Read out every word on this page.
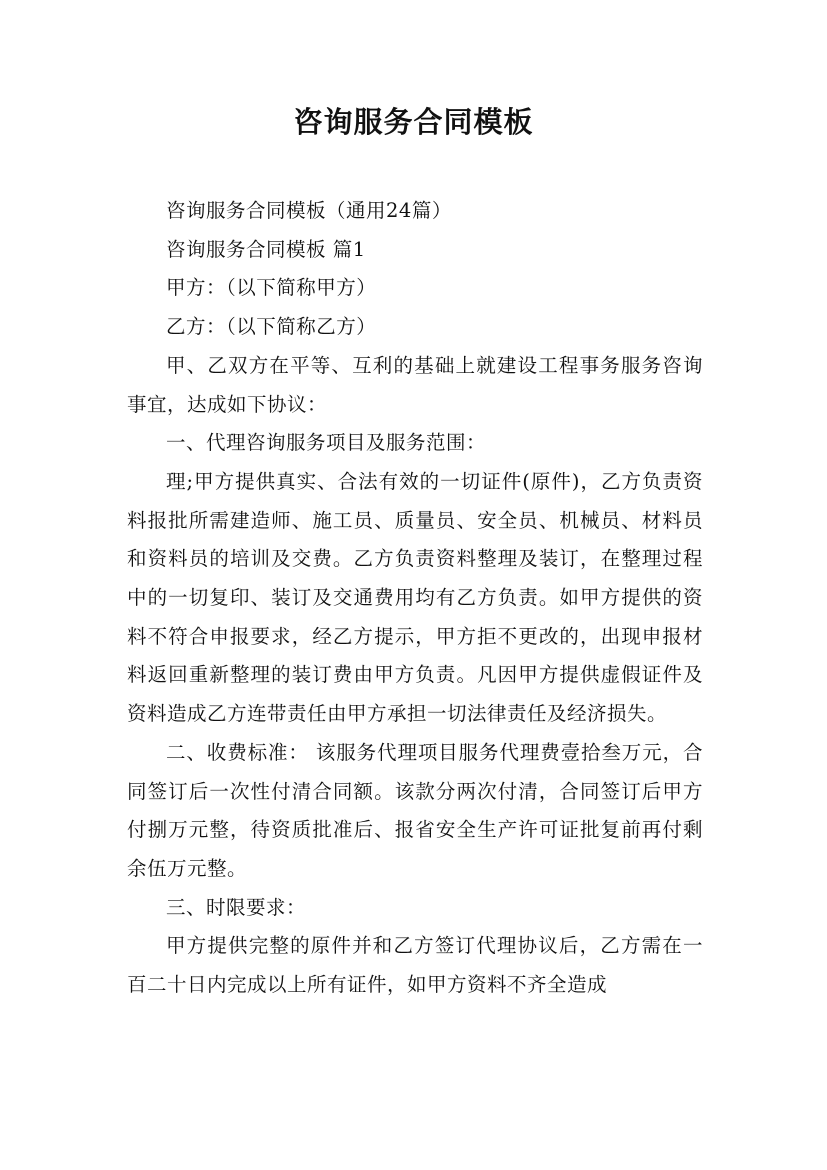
咨询服务合同模板

咨询服务合同模板（通用24篇）

咨询服务合同模板 篇1

甲方：（以下简称甲方）

乙方：（以下简称乙方）

甲、乙双方在平等、互利的基础上就建设工程事务服务咨询事宜，达成如下协议：

一、代理咨询服务项目及服务范围：

理;甲方提供真实、合法有效的一切证件(原件)，乙方负责资料报批所需建造师、施工员、质量员、安全员、机械员、材料员和资料员的培训及交费。乙方负责资料整理及装订，在整理过程中的一切复印、装订及交通费用均有乙方负责。如甲方提供的资料不符合申报要求，经乙方提示，甲方拒不更改的，出现申报材料返回重新整理的装订费由甲方负责。凡因甲方提供虚假证件及资料造成乙方连带责任由甲方承担一切法律责任及经济损失。

二、收费标准： 该服务代理项目服务代理费壹拾叁万元，合同签订后一次性付清合同额。该款分两次付清，合同签订后甲方付捌万元整，待资质批准后、报省安全生产许可证批复前再付剩余伍万元整。

三、时限要求：

甲方提供完整的原件并和乙方签订代理协议后，乙方需在一百二十日内完成以上所有证件，如甲方资料不齐全造成
